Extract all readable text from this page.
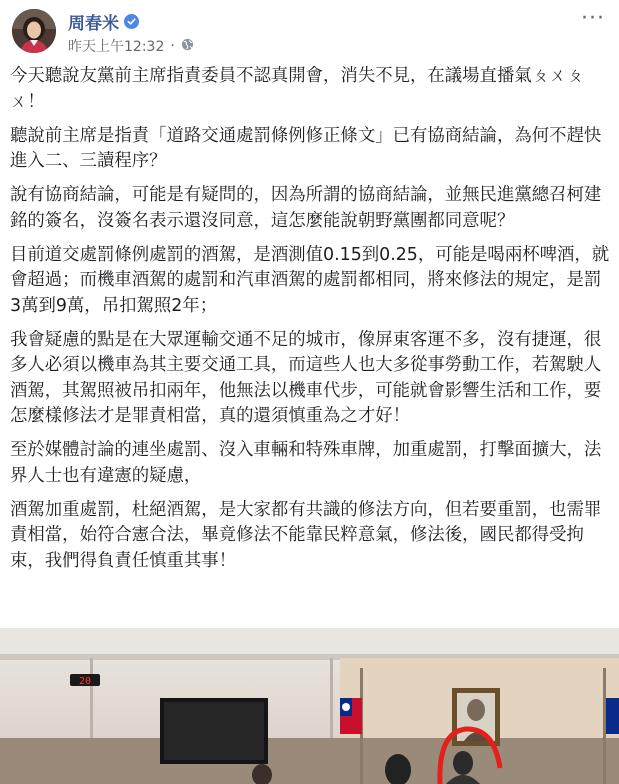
周春米
昨天上午12:32 ·
···

今天聽說友黨前主席指責委員不認真開會，消失不見，在議場直播氣ㄆㄨㄆㄨ！

聽說前主席是指責「道路交通處罰條例修正條文」已有協商結論，為何不趕快進入二、三讀程序？

說有協商結論，可能是有疑問的，因為所謂的協商結論，並無民進黨總召柯建銘的簽名，沒簽名表示還沒同意，這怎麼能說朝野黨團都同意呢？

目前道交處罰條例處罰的酒駕，是酒測值0.15到0.25，可能是喝兩杯啤酒，就會超過；而機車酒駕的處罰和汽車酒駕的處罰都相同，將來修法的規定，是罰3萬到9萬，吊扣駕照2年；

我會疑慮的點是在大眾運輸交通不足的城市，像屏東客運不多，沒有捷運，很多人必須以機車為其主要交通工具，而這些人也大多從事勞動工作，若駕駛人酒駕，其駕照被吊扣兩年，他無法以機車代步，可能就會影響生活和工作，要怎麼樣修法才是罪責相當，真的還須慎重為之才好！

至於媒體討論的連坐處罰、沒入車輛和特殊車牌，加重處罰，打擊面擴大，法界人士也有違憲的疑慮，

酒駕加重處罰，杜絕酒駕，是大家都有共識的修法方向，但若要重罰，也需罪責相當，始符合憲合法，畢竟修法不能靠民粹意氣，修法後，國民都得受拘束，我們得負責任慎重其事！

20
